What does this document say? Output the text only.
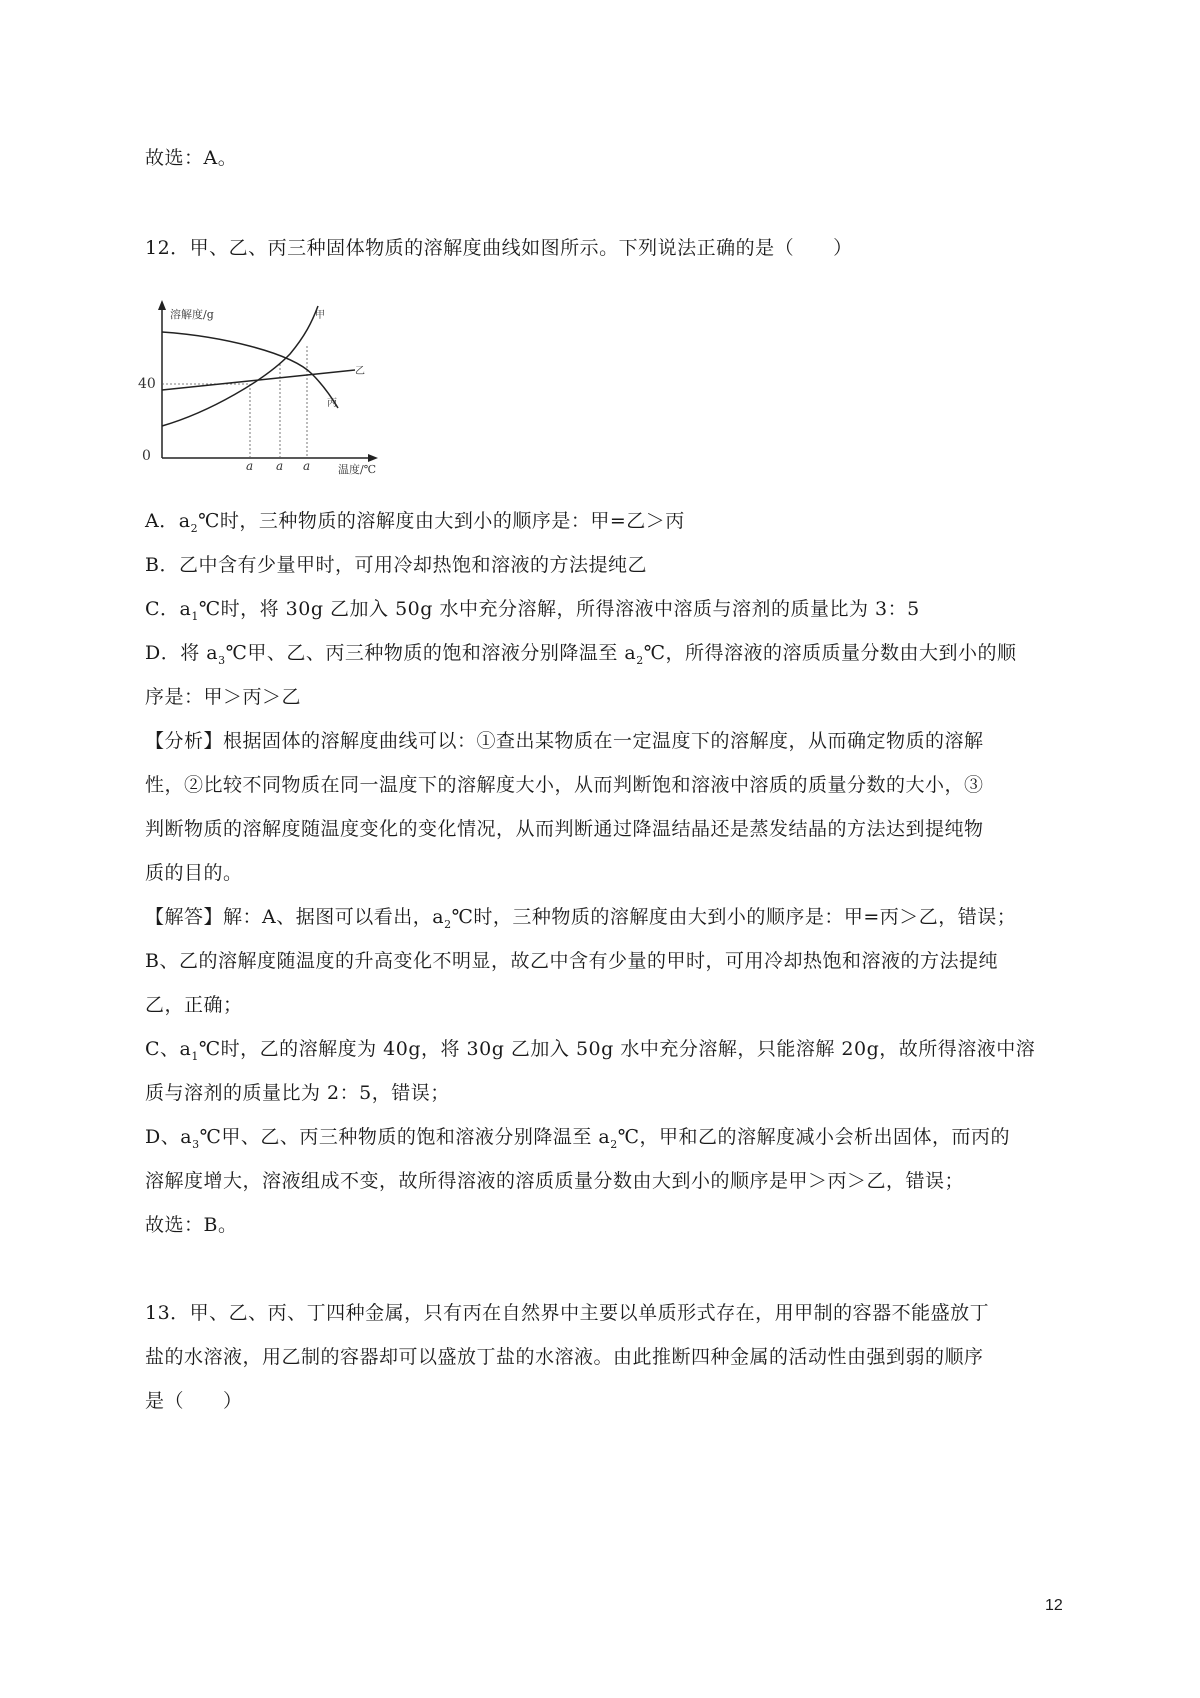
故选：A。
12．甲、乙、丙三种固体物质的溶解度曲线如图所示。下列说法正确的是（　　）
溶解度/g
温度/℃
40
0
甲
乙
丙
a a a
A．$a_2℃$时，三种物质的溶解度由大到小的顺序是：甲=乙＞丙
B．乙中含有少量甲时，可用冷却热饱和溶液的方法提纯乙
C．$a_1℃$时，将 30g 乙加入 50g 水中充分溶解，所得溶液中溶质与溶剂的质量比为 3：5
D．将 $a_3℃$甲、乙、丙三种物质的饱和溶液分别降温至 $a_2℃$，所得溶液的溶质质量分数由大到小的顺
序是：甲＞丙＞乙
【分析】根据固体的溶解度曲线可以：①查出某物质在一定温度下的溶解度，从而确定物质的溶解
性，②比较不同物质在同一温度下的溶解度大小，从而判断饱和溶液中溶质的质量分数的大小，③
判断物质的溶解度随温度变化的变化情况，从而判断通过降温结晶还是蒸发结晶的方法达到提纯物
质的目的。
【解答】解：A、据图可以看出，$a_2℃$时，三种物质的溶解度由大到小的顺序是：甲=丙＞乙，错误；
B、乙的溶解度随温度的升高变化不明显，故乙中含有少量的甲时，可用冷却热饱和溶液的方法提纯
乙，正确；
C、$a_1℃$时，乙的溶解度为 40g，将 30g 乙加入 50g 水中充分溶解，只能溶解 20g，故所得溶液中溶
质与溶剂的质量比为 2：5，错误；
D、$a_3℃$甲、乙、丙三种物质的饱和溶液分别降温至 $a_2℃$，甲和乙的溶解度减小会析出固体，而丙的
溶解度增大，溶液组成不变，故所得溶液的溶质质量分数由大到小的顺序是甲＞丙＞乙，错误；
故选：B。
13．甲、乙、丙、丁四种金属，只有丙在自然界中主要以单质形式存在，用甲制的容器不能盛放丁
盐的水溶液，用乙制的容器却可以盛放丁盐的水溶液。由此推断四种金属的活动性由强到弱的顺序
是（　　）
12
